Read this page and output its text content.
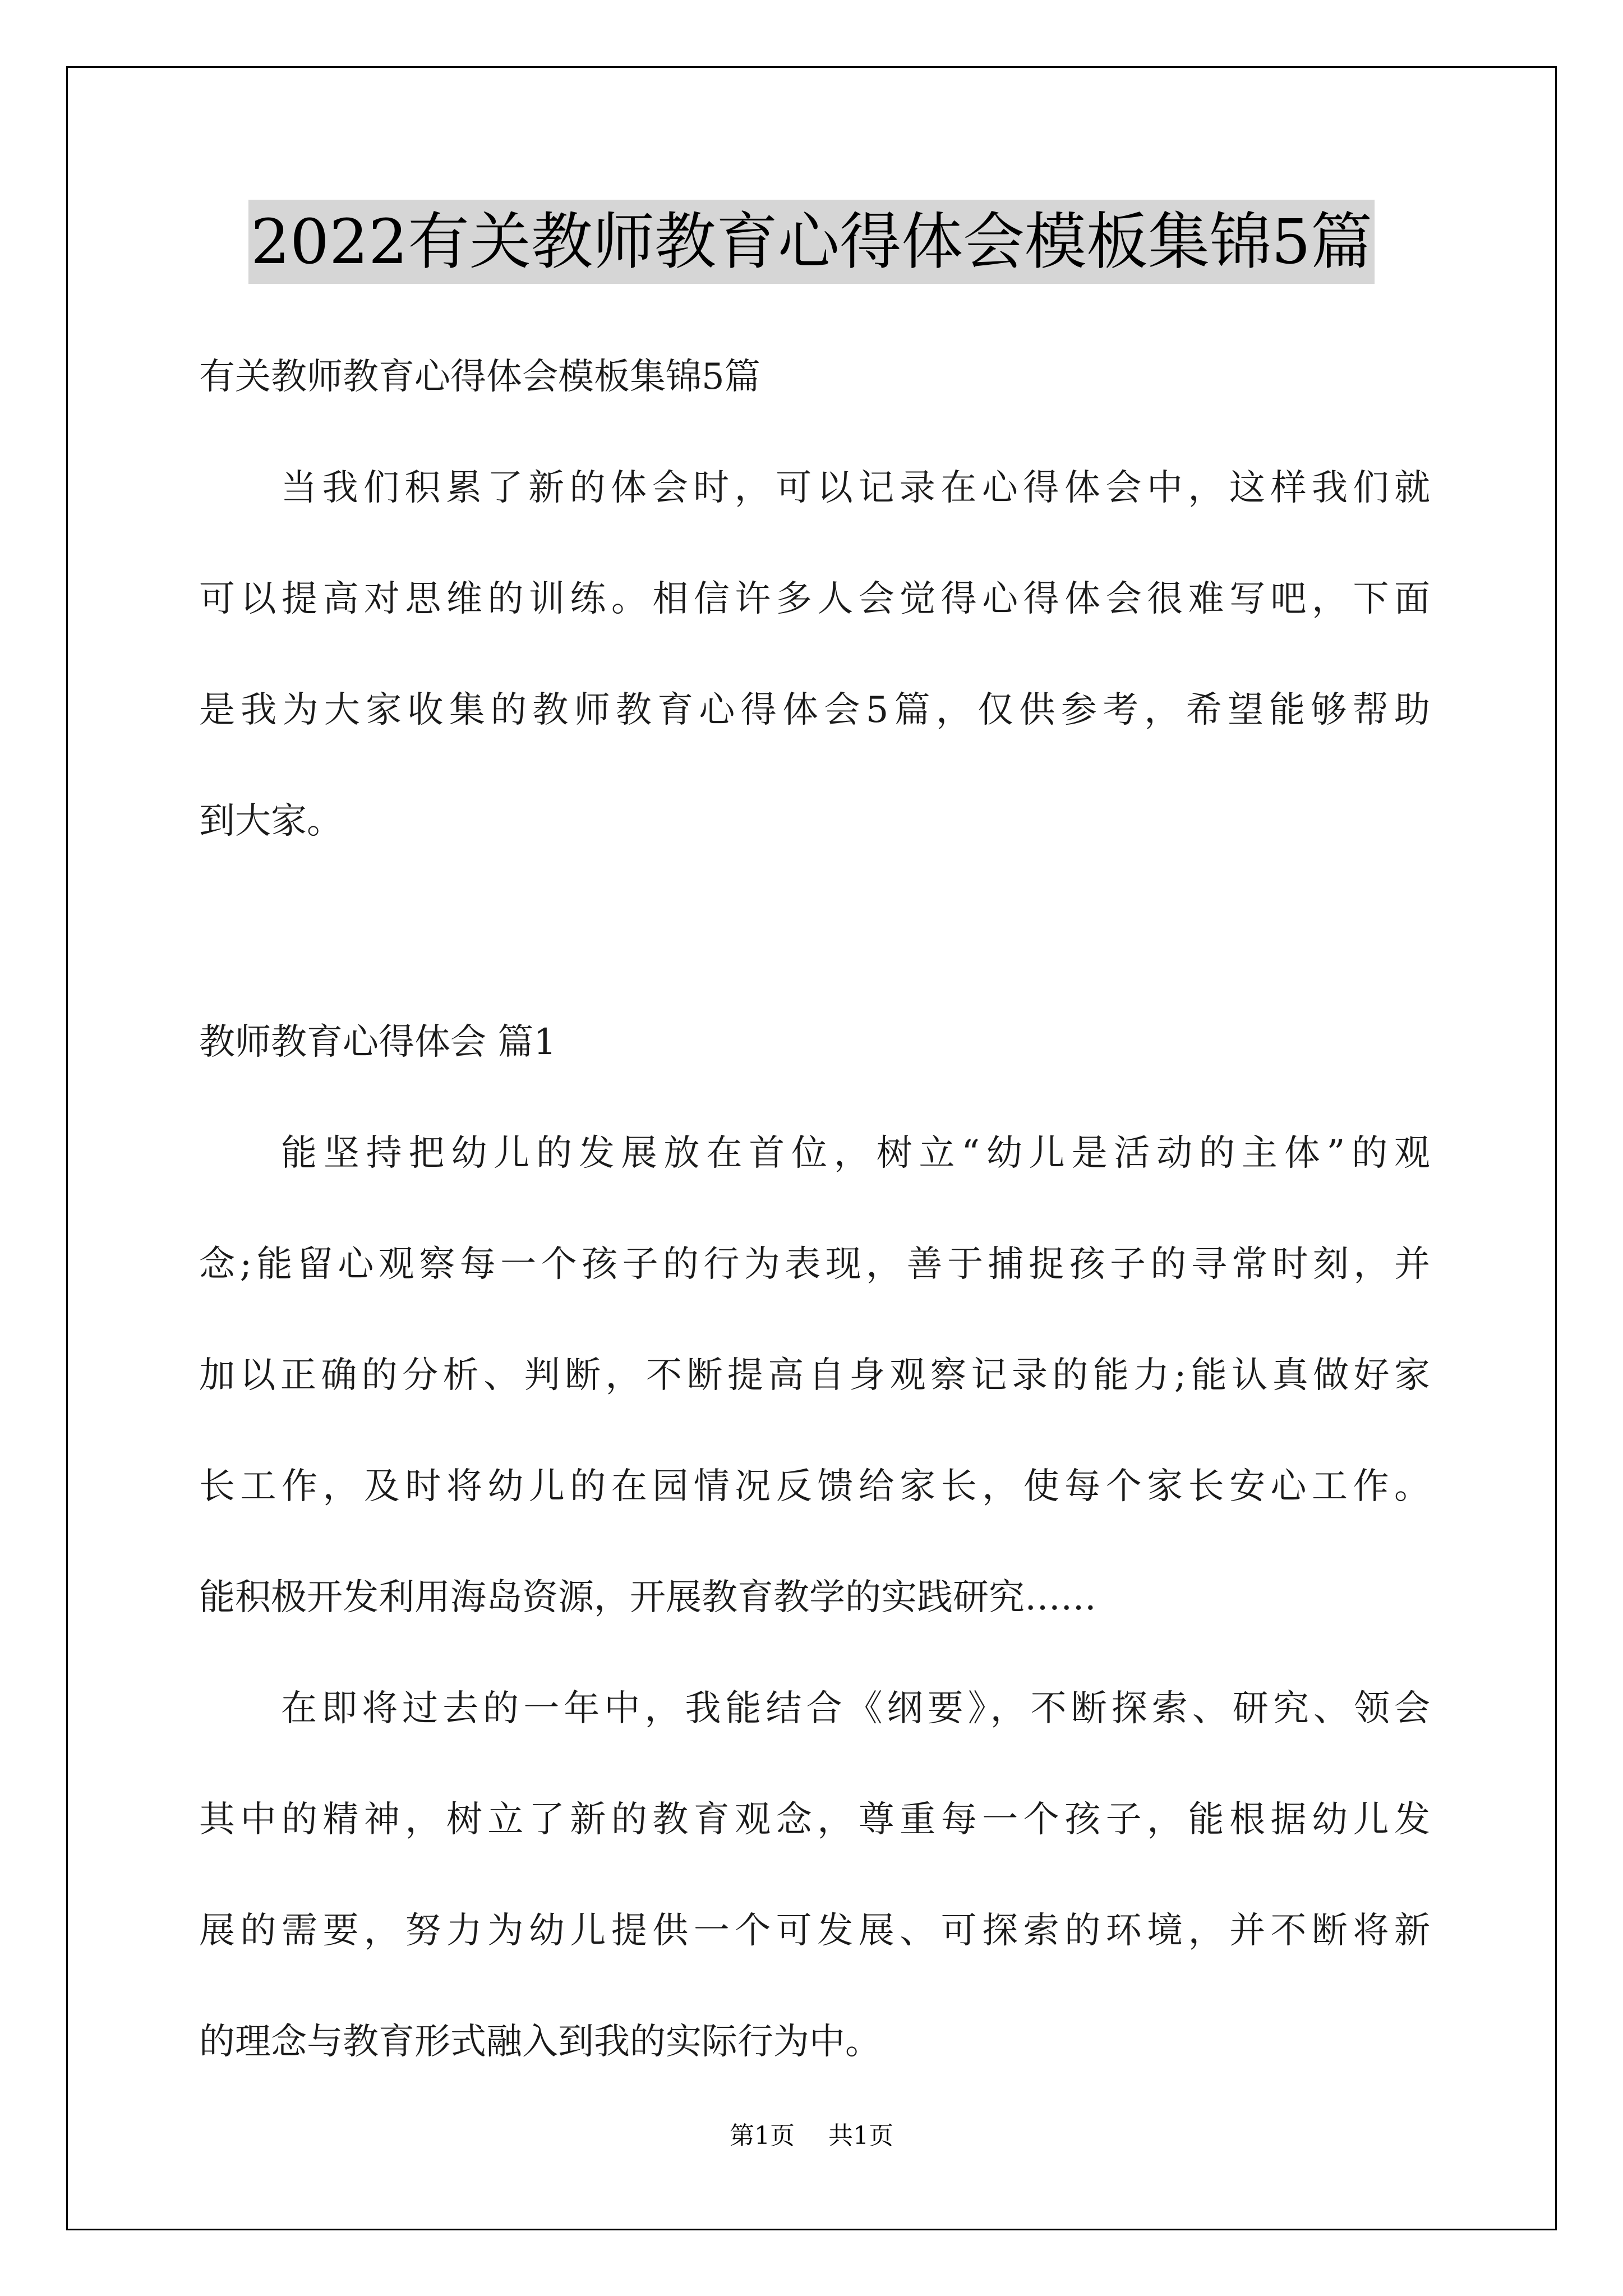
2022有关教师教育心得体会模板集锦5篇
有关教师教育心得体会模板集锦5篇
当我们积累了新的体会时，可以记录在心得体会中，这样我们就
可以提高对思维的训练。相信许多人会觉得心得体会很难写吧，下面
是我为大家收集的教师教育心得体会5篇，仅供参考，希望能够帮助
到大家。
教师教育心得体会 篇1
能坚持把幼儿的发展放在首位，树立“幼儿是活动的主体”的观
念;能留心观察每一个孩子的行为表现，善于捕捉孩子的寻常时刻，并
加以正确的分析、判断，不断提高自身观察记录的能力;能认真做好家
长工作，及时将幼儿的在园情况反馈给家长，使每个家长安心工作。
能积极开发利用海岛资源，开展教育教学的实践研究……
在即将过去的一年中，我能结合《纲要》，不断探索、研究、领会
其中的精神，树立了新的教育观念，尊重每一个孩子，能根据幼儿发
展的需要，努力为幼儿提供一个可发展、可探索的环境，并不断将新
的理念与教育形式融入到我的实际行为中。
第1页 共1页
